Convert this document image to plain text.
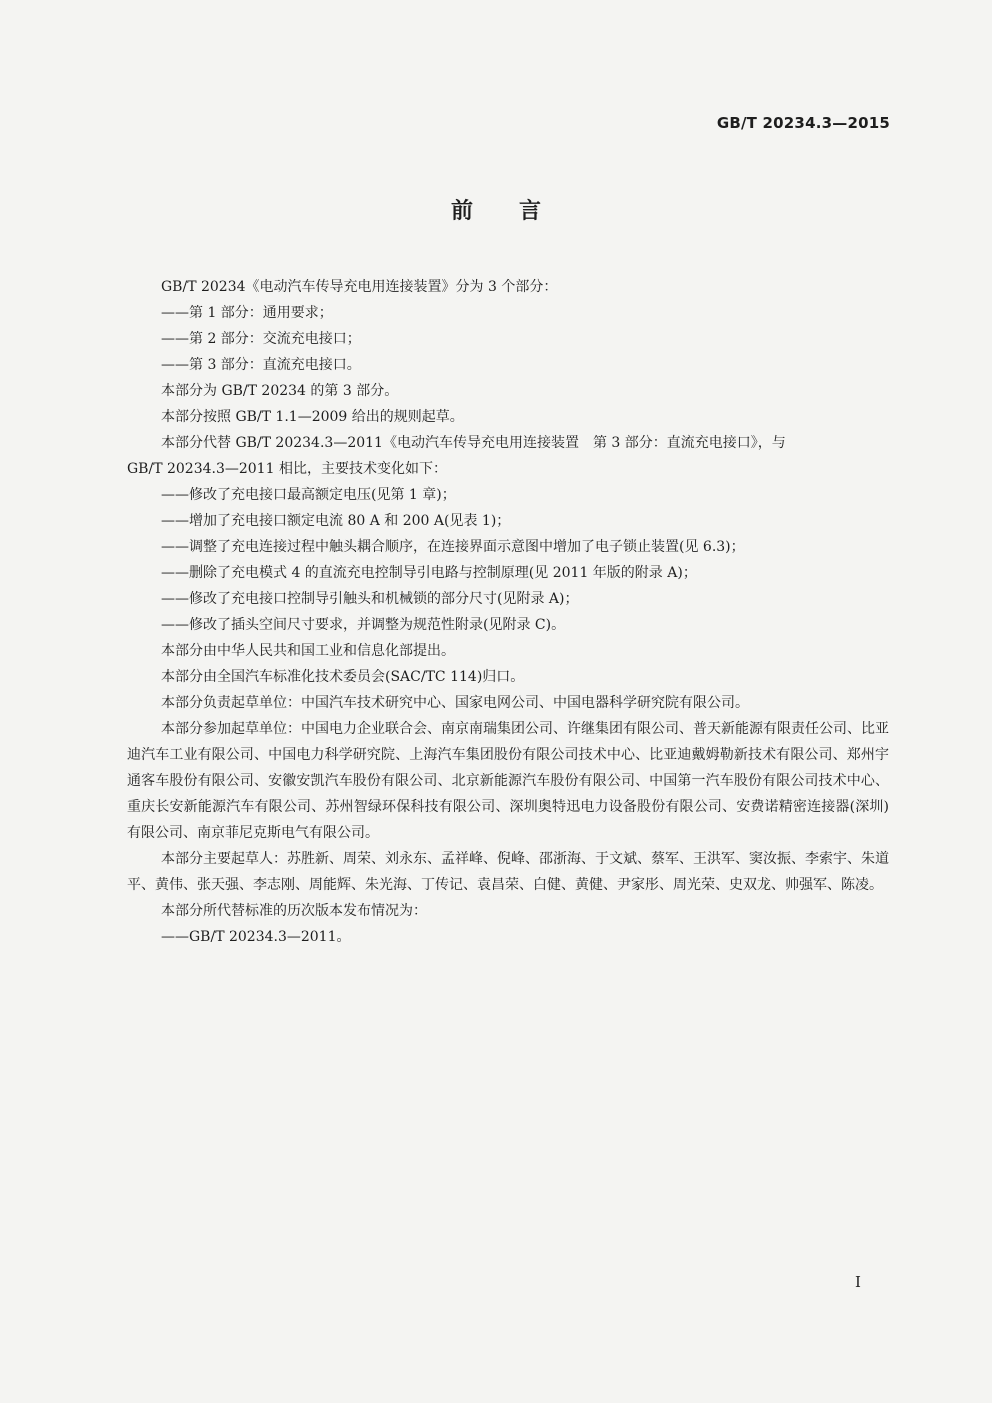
GB/T 20234.3—2015
前 言

GB/T 20234《电动汽车传导充电用连接装置》分为 3 个部分：

——第 1 部分：通用要求；

——第 2 部分：交流充电接口；

——第 3 部分：直流充电接口。

本部分为 GB/T 20234 的第 3 部分。

本部分按照 GB/T 1.1—2009 给出的规则起草。

本部分代替 GB/T 20234.3—2011《电动汽车传导充电用连接装置　第 3 部分：直流充电接口》，与

GB/T 20234.3—2011 相比，主要技术变化如下：

——修改了充电接口最高额定电压(见第 1 章)；

——增加了充电接口额定电流 80 A 和 200 A(见表 1)；

——调整了充电连接过程中触头耦合顺序，在连接界面示意图中增加了电子锁止装置(见 6.3)；

——删除了充电模式 4 的直流充电控制导引电路与控制原理(见 2011 年版的附录 A)；

——修改了充电接口控制导引触头和机械锁的部分尺寸(见附录 A)；

——修改了插头空间尺寸要求，并调整为规范性附录(见附录 C)。

本部分由中华人民共和国工业和信息化部提出。

本部分由全国汽车标准化技术委员会(SAC/TC 114)归口。

本部分负责起草单位：中国汽车技术研究中心、国家电网公司、中国电器科学研究院有限公司。

本部分参加起草单位：中国电力企业联合会、南京南瑞集团公司、许继集团有限公司、普天新能源有限责任公司、比亚迪汽车工业有限公司、中国电力科学研究院、上海汽车集团股份有限公司技术中心、比亚迪戴姆勒新技术有限公司、郑州宇通客车股份有限公司、安徽安凯汽车股份有限公司、北京新能源汽车股份有限公司、中国第一汽车股份有限公司技术中心、重庆长安新能源汽车有限公司、苏州智绿环保科技有限公司、深圳奥特迅电力设备股份有限公司、安费诺精密连接器(深圳)有限公司、南京菲尼克斯电气有限公司。

本部分主要起草人：苏胜新、周荣、刘永东、孟祥峰、倪峰、邵浙海、于文斌、蔡军、王洪军、窦汝振、李索宇、朱道平、黄伟、张天强、李志刚、周能辉、朱光海、丁传记、袁昌荣、白健、黄健、尹家彤、周光荣、史双龙、帅强军、陈凌。

本部分所代替标准的历次版本发布情况为：

——GB/T 20234.3—2011。

I
